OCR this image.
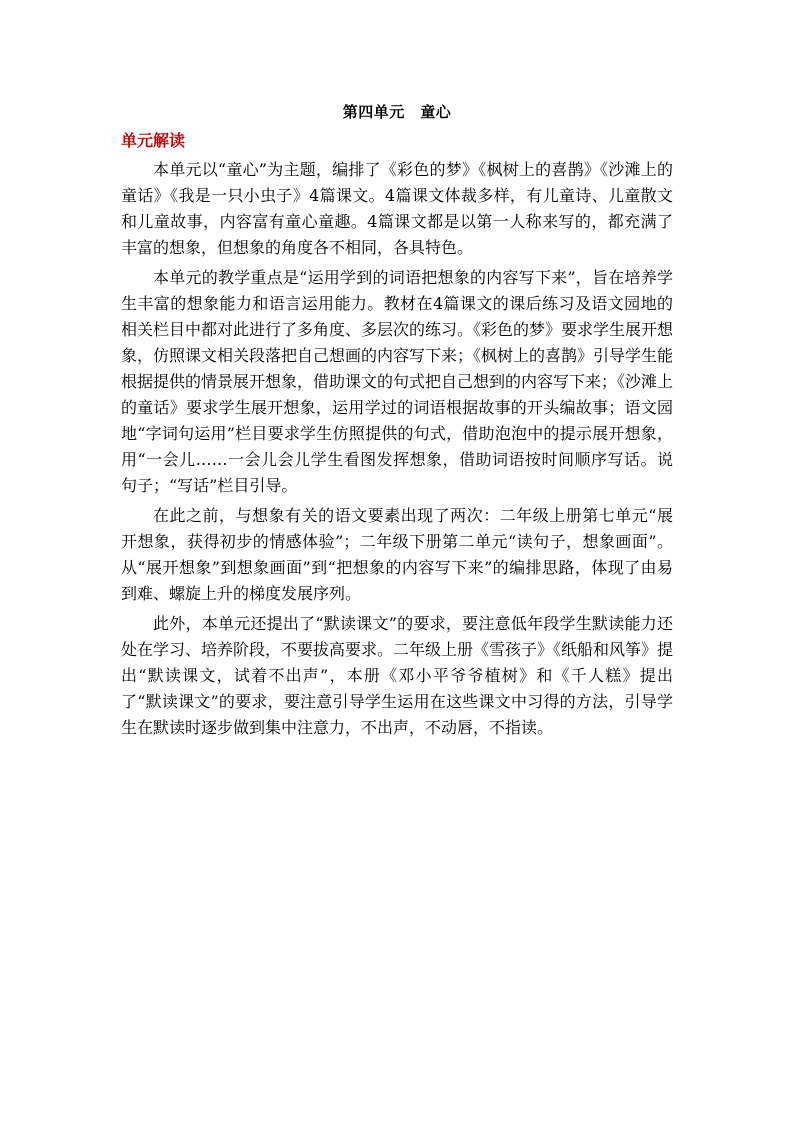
第四单元　童心
单元解读

本单元以“童心”为主题，编排了《彩色的梦》《枫树上的喜鹊》《沙滩上的童话》《我是一只小虫子》4篇课文。4篇课文体裁多样，有儿童诗、儿童散文和儿童故事，内容富有童心童趣。4篇课文都是以第一人称来写的，都充满了丰富的想象，但想象的角度各不相同，各具特色。

本单元的教学重点是“运用学到的词语把想象的内容写下来”，旨在培养学生丰富的想象能力和语言运用能力。教材在4篇课文的课后练习及语文园地的相关栏目中都对此进行了多角度、多层次的练习。《彩色的梦》要求学生展开想象，仿照课文相关段落把自己想画的内容写下来；《枫树上的喜鹊》引导学生能根据提供的情景展开想象，借助课文的句式把自己想到的内容写下来；《沙滩上的童话》要求学生展开想象，运用学过的词语根据故事的开头编故事；语文园地“字词句运用”栏目要求学生仿照提供的句式，借助泡泡中的提示展开想象，用“一会儿……一会儿会儿学生看图发挥想象，借助词语按时间顺序写话。说句子；“写话”栏目引导。

在此之前，与想象有关的语文要素出现了两次：二年级上册第七单元“展开想象，获得初步的情感体验”；二年级下册第二单元“读句子，想象画面”。从“展开想象”到想象画面”到“把想象的内容写下来”的编排思路，体现了由易到难、螺旋上升的梯度发展序列。

此外，本单元还提出了“默读课文”的要求，要注意低年段学生默读能力还处在学习、培养阶段，不要拔高要求。二年级上册《雪孩子》《纸船和风筝》提出“默读课文，试着不出声”，本册《邓小平爷爷植树》和《千人糕》提出了“默读课文”的要求，要注意引导学生运用在这些课文中习得的方法，引导学生在默读时逐步做到集中注意力，不出声，不动唇，不指读。
